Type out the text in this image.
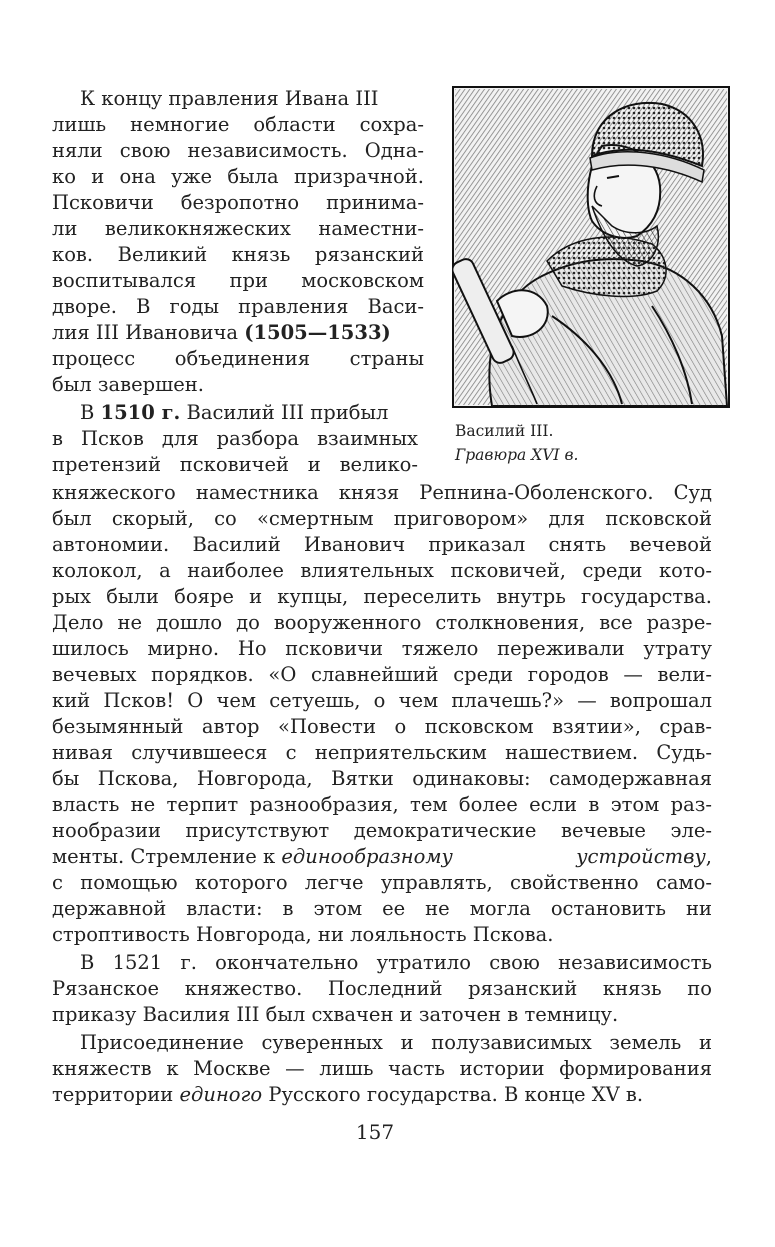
К концу правления Ивана III
лишь немногие области сохра-
няли свою независимость. Одна-
ко и она уже была призрачной.
Псковичи безропотно принима-
ли великокняжеских наместни-
ков. Великий князь рязанский
воспитывался при московском
дворе. В годы правления Васи-
лия III Ивановича (1505—1533)
процесс объединения страны
был завершен.
В 1510 г. Василий III прибыл
в Псков для разбора взаимных
претензий псковичей и велико-
княжеского наместника князя Репнина-Оболенского. Суд
был скорый, со «смертным приговором» для псковской
автономии. Василий Иванович приказал снять вечевой
колокол, а наиболее влиятельных псковичей, среди кото-
рых были бояре и купцы, переселить внутрь государства.
Дело не дошло до вооруженного столкновения, все разре-
шилось мирно. Но псковичи тяжело переживали утрату
вечевых порядков. «О славнейший среди городов — вели-
кий Псков! О чем сетуешь, о чем плачешь?» — вопрошал
безымянный автор «Повести о псковском взятии», срав-
нивая случившееся с неприятельским нашествием. Судь-
бы Пскова, Новгорода, Вятки одинаковы: самодержавная
власть не терпит разнообразия, тем более если в этом раз-
нообразии присутствуют демократические вечевые эле-
менты. Стремление к единообразному устройству ,
с помощью которого легче управлять, свойственно само-
державной власти: в этом ее не могла остановить ни
строптивость Новгорода, ни лояльность Пскова.
В 1521 г. окончательно утратило свою независимость
Рязанское княжество. Последний рязанский князь по
приказу Василия III был схвачен и заточен в темницу.
Присоединение суверенных и полузависимых земель и
княжеств к Москве — лишь часть истории формирования
территории единого Русского государства. В конце XV в.
Василий III.
Гравюра XVI в.
157
